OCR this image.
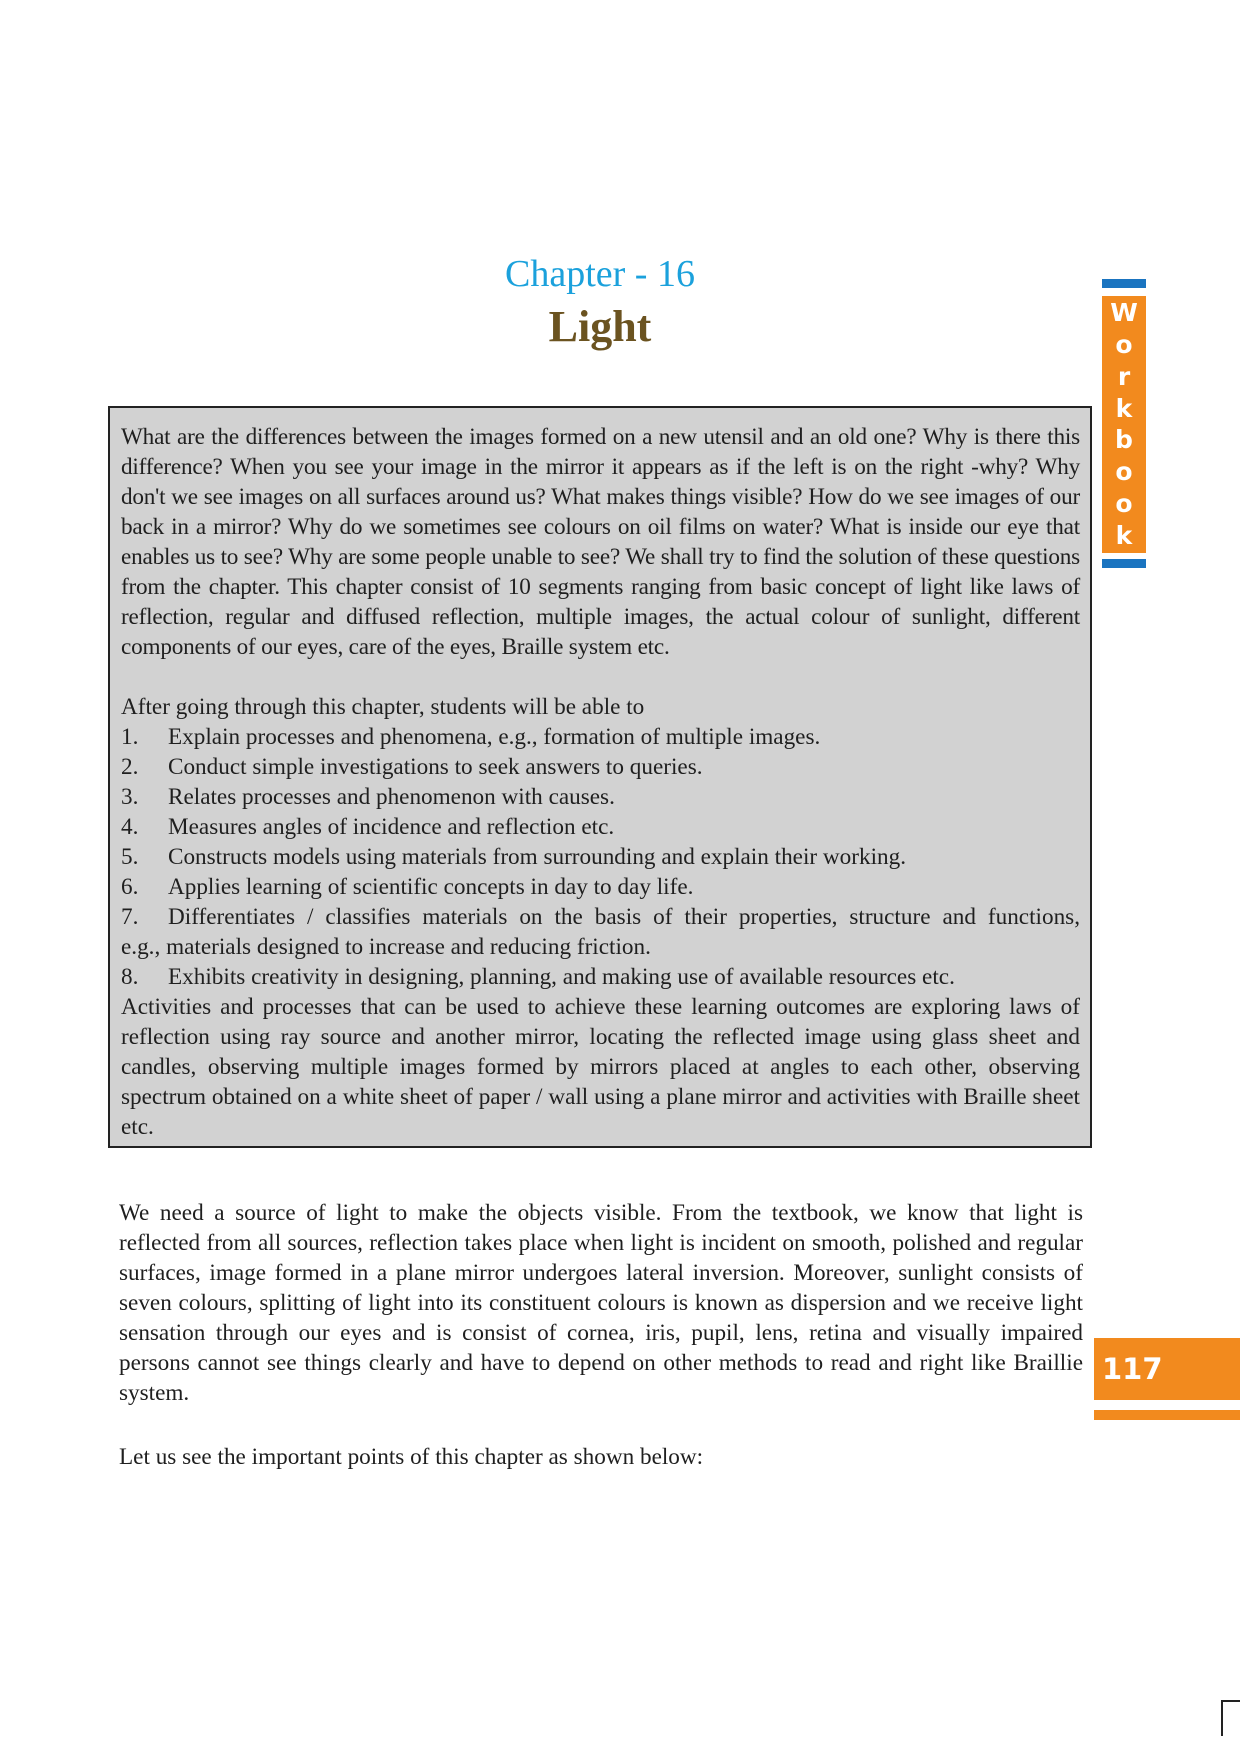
Chapter - 16
Light	W
o
r
k
b
o
o
k

What are the differences between the images formed on a new utensil and an old one? Why is there this difference? When you see your image in the mirror it appears as if the left is on the right -why? Why don't we see images on all surfaces around us? What makes things visible? How do we see images of our back in a mirror? Why do we sometimes see colours on oil films on water? What is inside our eye that enables us to see? Why are some people unable to see? We shall try to find the solution of these questions from the chapter. This chapter consist of 10 segments ranging from basic concept of light like laws of reflection, regular and diffused reflection, multiple images, the actual colour of sunlight, different components of our eyes, care of the eyes, Braille system etc.

After going through this chapter, students will be able to

1.	Explain processes and phenomena, e.g., formation of multiple images.
2.	Conduct simple investigations to seek answers to queries.
3.	Relates processes and phenomenon with causes.
4.	Measures angles of incidence and reflection etc.
5.	Constructs models using materials from surrounding and explain their working.
6.	Applies learning of scientific concepts in day to day life.
7.	Differentiates / classifies materials on the basis of their properties, structure and functions,

e.g., materials designed to increase and reducing friction.

8.	Exhibits creativity in designing, planning, and making use of available resources etc.

Activities and processes that can be used to achieve these learning outcomes are exploring laws of reflection using ray source and another mirror, locating the reflected image using glass sheet and candles, observing multiple images formed by mirrors placed at angles to each other, observing spectrum obtained on a white sheet of paper / wall using a plane mirror and activities with Braille sheet etc.

We need a source of light to make the objects visible. From the textbook, we know that light is reflected from all sources, reflection takes place when light is incident on smooth, polished and regular surfaces, image formed in a plane mirror undergoes lateral inversion. Moreover, sunlight consists of seven colours, splitting of light into its constituent colours is known as dispersion and we receive light sensation through our eyes and is consist of cornea, iris, pupil, lens, retina and visually impaired persons cannot see things clearly and have to depend on other methods to read and right like Braillie system.

Let us see the important points of this chapter as shown below:

117
